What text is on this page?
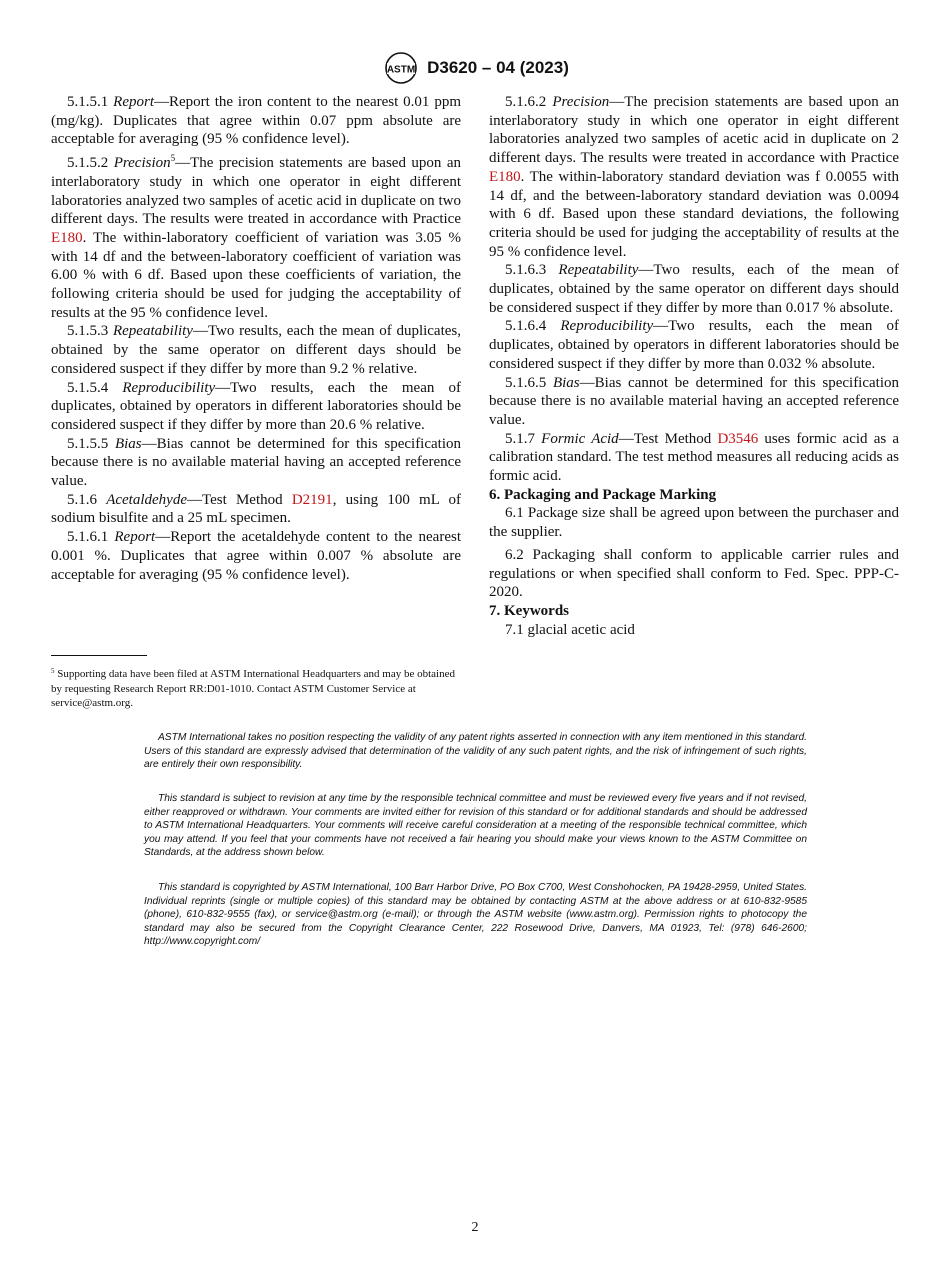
ASTM D3620 – 04 (2023)

5.1.5.1 Report—Report the iron content to the nearest 0.01 ppm (mg/kg). Duplicates that agree within 0.07 ppm absolute are acceptable for averaging (95 % confidence level).

5.1.5.2 Precision$^5$—The precision statements are based upon an interlaboratory study in which one operator in eight different laboratories analyzed two samples of acetic acid in duplicate on two different days. The results were treated in accordance with Practice E180. The within-laboratory coefficient of variation was 3.05 % with 14 df and the between-laboratory coefficient of variation was 6.00 % with 6 df. Based upon these coefficients of variation, the following criteria should be used for judging the acceptability of results at the 95 % confidence level.

5.1.5.3 Repeatability—Two results, each the mean of duplicates, obtained by the same operator on different days should be considered suspect if they differ by more than 9.2 % relative.

5.1.5.4 Reproducibility—Two results, each the mean of duplicates, obtained by operators in different laboratories should be considered suspect if they differ by more than 20.6 % relative.

5.1.5.5 Bias—Bias cannot be determined for this specification because there is no available material having an accepted reference value.

5.1.6 Acetaldehyde—Test Method D2191, using 100 mL of sodium bisulfite and a 25 mL specimen.

5.1.6.1 Report—Report the acetaldehyde content to the nearest 0.001 %. Duplicates that agree within 0.007 % absolute are acceptable for averaging (95 % confidence level).

$^5$ Supporting data have been filed at ASTM International Headquarters and may be obtained by requesting Research Report RR:D01-1010. Contact ASTM Customer Service at service@astm.org.

5.1.6.2 Precision—The precision statements are based upon an interlaboratory study in which one operator in eight different laboratories analyzed two samples of acetic acid in duplicate on 2 different days. The results were treated in accordance with Practice E180. The within-laboratory standard deviation was f 0.0055 with 14 df, and the between-laboratory standard deviation was 0.0094 with 6 df. Based upon these standard deviations, the following criteria should be used for judging the acceptability of results at the 95 % confidence level.

5.1.6.3 Repeatability—Two results, each of the mean of duplicates, obtained by the same operator on different days should be considered suspect if they differ by more than 0.017 % absolute.

5.1.6.4 Reproducibility—Two results, each the mean of duplicates, obtained by operators in different laboratories should be considered suspect if they differ by more than 0.032 % absolute.

5.1.6.5 Bias—Bias cannot be determined for this specification because there is no available material having an accepted reference value.

5.1.7 Formic Acid—Test Method D3546 uses formic acid as a calibration standard. The test method measures all reducing acids as formic acid.

6. Packaging and Package Marking

6.1 Package size shall be agreed upon between the purchaser and the supplier.

6.2 Packaging shall conform to applicable carrier rules and regulations or when specified shall conform to Fed. Spec. PPP-C-2020.

7. Keywords

7.1 glacial acetic acid

ASTM International takes no position respecting the validity of any patent rights asserted in connection with any item mentioned in this standard. Users of this standard are expressly advised that determination of the validity of any such patent rights, and the risk of infringement of such rights, are entirely their own responsibility.

This standard is subject to revision at any time by the responsible technical committee and must be reviewed every five years and if not revised, either reapproved or withdrawn. Your comments are invited either for revision of this standard or for additional standards and should be addressed to ASTM International Headquarters. Your comments will receive careful consideration at a meeting of the responsible technical committee, which you may attend. If you feel that your comments have not received a fair hearing you should make your views known to the ASTM Committee on Standards, at the address shown below.

This standard is copyrighted by ASTM International, 100 Barr Harbor Drive, PO Box C700, West Conshohocken, PA 19428-2959, United States. Individual reprints (single or multiple copies) of this standard may be obtained by contacting ASTM at the above address or at 610-832-9585 (phone), 610-832-9555 (fax), or service@astm.org (e-mail); or through the ASTM website (www.astm.org). Permission rights to photocopy the standard may also be secured from the Copyright Clearance Center, 222 Rosewood Drive, Danvers, MA 01923, Tel: (978) 646-2600; http://www.copyright.com/

2
